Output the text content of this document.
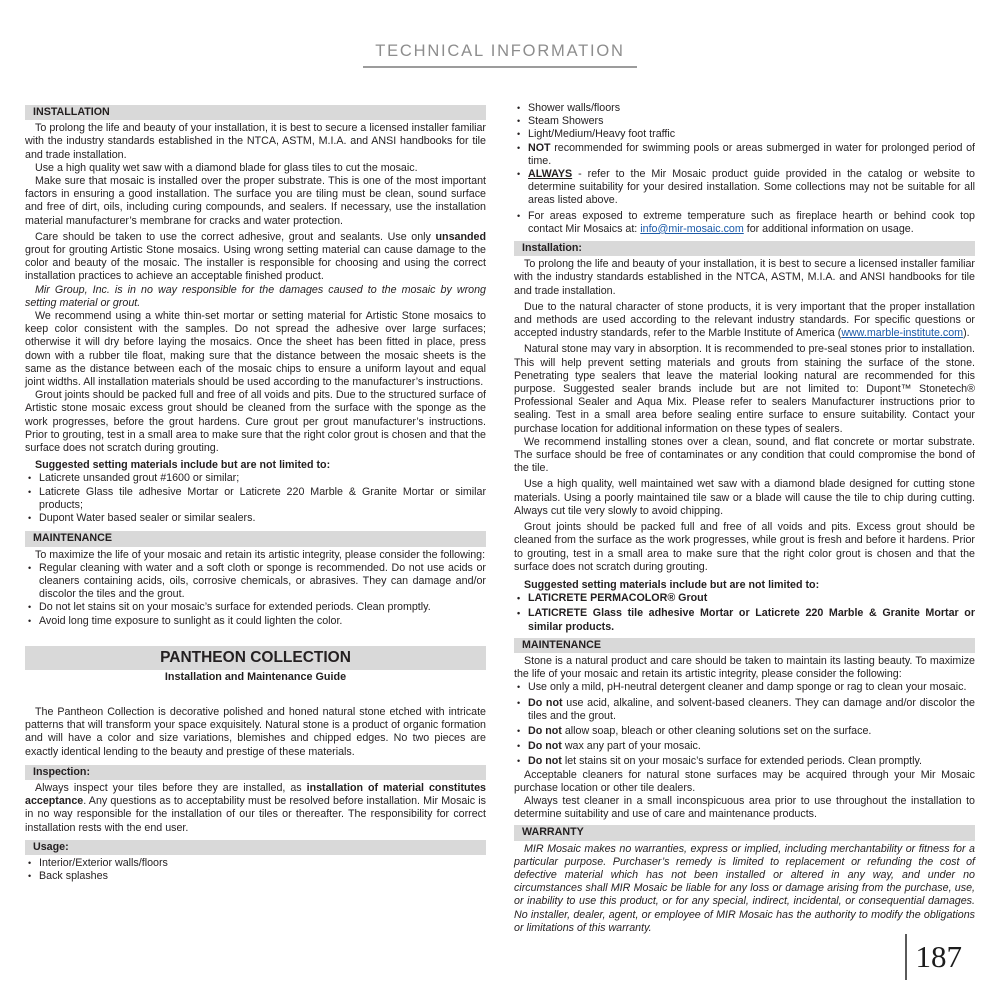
TECHNICAL INFORMATION
INSTALLATION

To prolong the life and beauty of your installation, it is best to secure a licensed installer familiar with the industry standards established in the NTCA, ASTM, M.I.A. and ANSI handbooks for tile and trade installation.

Use a high quality wet saw with a diamond blade for glass tiles to cut the mosaic.

Make sure that mosaic is installed over the proper substrate. This is one of the most important factors in ensuring a good installation. The surface you are tiling must be clean, sound surface and free of dirt, oils, including curing compounds, and sealers. If necessary, use the installation material manufacturer’s membrane for cracks and water protection.

Care should be taken to use the correct adhesive, grout and sealants. Use only unsanded grout for grouting Artistic Stone mosaics. Using wrong setting material can cause damage to the color and beauty of the mosaic. The installer is responsible for choosing and using the correct installation practices to achieve an acceptable finished product.

Mir Group, Inc. is in no way responsible for the damages caused to the mosaic by wrong setting material or grout.

We recommend using a white thin-set mortar or setting material for Artistic Stone mosaics to keep color consistent with the samples. Do not spread the adhesive over large surfaces; otherwise it will dry before laying the mosaics. Once the sheet has been fitted in place, press down with a rubber tile float, making sure that the distance between the mosaic sheets is the same as the distance between each of the mosaic chips to ensure a uniform layout and equal joint widths. All installation materials should be used according to the manufacturer’s instructions.

Grout joints should be packed full and free of all voids and pits. Due to the structured surface of Artistic stone mosaic excess grout should be cleaned from the surface with the sponge as the work progresses, before the grout hardens. Cure grout per grout manufacturer’s instructions. Prior to grouting, test in a small area to make sure that the right color grout is chosen and that the surface does not scratch during grouting.

Suggested setting materials include but are not limited to:

• Laticrete unsanded grout #1600 or similar;
• Laticrete Glass tile adhesive Mortar or Laticrete 220 Marble & Granite Mortar or similar products;
• Dupont Water based sealer or similar sealers.
MAINTENANCE

To maximize the life of your mosaic and retain its artistic integrity, please consider the following:

• Regular cleaning with water and a soft cloth or sponge is recommended. Do not use acids or cleaners containing acids, oils, corrosive chemicals, or abrasives. They can damage and/or discolor the tiles and the grout.
• Do not let stains sit on your mosaic’s surface for extended periods. Clean promptly.
• Avoid long time exposure to sunlight as it could lighten the color.
PANTHEON COLLECTION
Installation and Maintenance Guide

The Pantheon Collection is decorative polished and honed natural stone etched with intricate patterns that will transform your space exquisitely. Natural stone is a product of organic formation and will have a color and size variations, blemishes and chipped edges. No two pieces are exactly identical lending to the beauty and prestige of these materials.

Inspection:

Always inspect your tiles before they are installed, as installation of material constitutes acceptance. Any questions as to acceptability must be resolved before installation. Mir Mosaic is in no way responsible for the installation of our tiles or thereafter. The responsibility for correct installation rests with the end user.

Usage:
• Interior/Exterior walls/floors
• Back splashes
• Shower walls/floors
• Steam Showers
• Light/Medium/Heavy foot traffic
• NOT recommended for swimming pools or areas submerged in water for prolonged period of time.
• ALWAYS - refer to the Mir Mosaic product guide provided in the catalog or website to determine suitability for your desired installation. Some collections may not be suitable for all areas listed above.
• For areas exposed to extreme temperature such as fireplace hearth or behind cook top contact Mir Mosaics at: info@mir-mosaic.com for additional information on usage.
Installation:

To prolong the life and beauty of your installation, it is best to secure a licensed installer familiar with the industry standards established in the NTCA, ASTM, M.I.A. and ANSI handbooks for tile and trade installation.

Due to the natural character of stone products, it is very important that the proper installation and methods are used according to the relevant industry standards. For specific questions or accepted industry standards, refer to the Marble Institute of America (www.marble-institute.com).

Natural stone may vary in absorption. It is recommended to pre-seal stones prior to installation. This will help prevent setting materials and grouts from staining the surface of the stone. Penetrating type sealers that leave the material looking natural are recommended for this purpose. Suggested sealer brands include but are not limited to: Dupont™ Stonetech® Professional Sealer and Aqua Mix. Please refer to sealers Manufacturer instructions prior to sealing. Test in a small area before sealing entire surface to ensure suitability. Contact your purchase location for additional information on these types of sealers.

We recommend installing stones over a clean, sound, and flat concrete or mortar substrate. The surface should be free of contaminates or any condition that could compromise the bond of the tile.

Use a high quality, well maintained wet saw with a diamond blade designed for cutting stone materials. Using a poorly maintained tile saw or a blade will cause the tile to chip during cutting. Always cut tile very slowly to avoid chipping.

Grout joints should be packed full and free of all voids and pits. Excess grout should be cleaned from the surface as the work progresses, while grout is fresh and before it hardens. Prior to grouting, test in a small area to make sure that the right color grout is chosen and that the surface does not scratch during grouting.

Suggested setting materials include but are not limited to:

• LATICRETE PERMACOLOR® Grout
• LATICRETE Glass tile adhesive Mortar or Laticrete 220 Marble & Granite Mortar or similar products.
MAINTENANCE

Stone is a natural product and care should be taken to maintain its lasting beauty. To maximize the life of your mosaic and retain its artistic integrity, please consider the following:

• Use only a mild, pH-neutral detergent cleaner and damp sponge or rag to clean your mosaic.
• Do not use acid, alkaline, and solvent-based cleaners. They can damage and/or discolor the tiles and the grout.
• Do not allow soap, bleach or other cleaning solutions set on the surface.
• Do not wax any part of your mosaic.
• Do not let stains sit on your mosaic’s surface for extended periods. Clean promptly.

Acceptable cleaners for natural stone surfaces may be acquired through your Mir Mosaic purchase location or other tile dealers.

Always test cleaner in a small inconspicuous area prior to use throughout the installation to determine suitability and use of care and maintenance products.

WARRANTY

MIR Mosaic makes no warranties, express or implied, including merchantability or fitness for a particular purpose. Purchaser’s remedy is limited to replacement or refunding the cost of defective material which has not been installed or altered in any way, and under no circumstances shall MIR Mosaic be liable for any loss or damage arising from the purchase, use, or inability to use this product, or for any special, indirect, incidental, or consequential damages. No installer, dealer, agent, or employee of MIR Mosaic has the authority to modify the obligations or limitations of this warranty.

187
